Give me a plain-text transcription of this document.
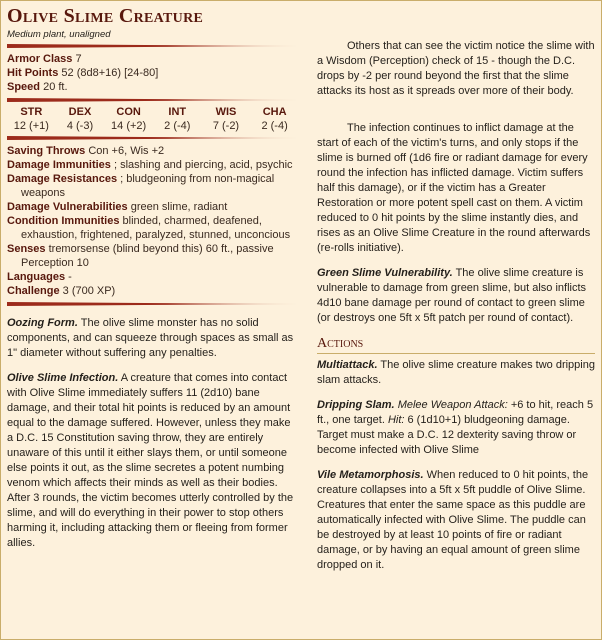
Olive Slime Creature
Medium plant, unaligned
Armor Class 7
Hit Points 52 (8d8+16) [24-80]
Speed 20 ft.
STR
12 (+1)
DEX
4 (-3)
CON
14 (+2)
INT
2 (-4)
WIS
7 (-2)
CHA
2 (-4)
Saving Throws Con +6, Wis +2
Damage Immunities ; slashing and piercing, acid, psychic
Damage Resistances ; bludgeoning from non-magical weapons
Damage Vulnerabilities green slime, radiant
Condition Immunities blinded, charmed, deafened, exhaustion, frightened, paralyzed, stunned, unconcious
Senses tremorsense (blind beyond this) 60 ft., passive Perception 10
Languages -
Challenge 3 (700 XP)

Oozing Form. The olive slime monster has no solid components, and can squeeze through spaces as small as 1" diameter without suffering any penalties.

Olive Slime Infection. A creature that comes into contact with Olive Slime immediately suffers 11 (2d10) bane damage, and their total hit points is reduced by an amount equal to the damage suffered. However, unless they make a D.C. 15 Constitution saving throw, they are entirely unaware of this until it either slays them, or until someone else points it out, as the slime secretes a potent numbing venom which affects their minds as well as their bodies. After 3 rounds, the victim becomes utterly controlled by the slime, and will do everything in their power to stop others harming it, including attacking them or fleeing from former allies.

Others that can see the victim notice the slime with a Wisdom (Perception) check of 15 - though the D.C. drops by -2 per round beyond the first that the slime attacks its host as it spreads over more of their body.

The infection continues to inflict damage at the start of each of the victim's turns, and only stops if the slime is burned off (1d6 fire or radiant damage for every round the infection has inflicted damage. Victim suffers half this damage), or if the victim has a Greater Restoration or more potent spell cast on them. A victim reduced to 0 hit points by the slime instantly dies, and rises as an Olive Slime Creature in the round afterwards (re-rolls initiative).

Green Slime Vulnerability. The olive slime creature is vulnerable to damage from green slime, but also inflicts 4d10 bane damage per round of contact to green slime (or destroys one 5ft x 5ft patch per round of contact).

Actions

Multiattack. The olive slime creature makes two dripping slam attacks.

Dripping Slam. Melee Weapon Attack: +6 to hit, reach 5 ft., one target. Hit: 6 (1d10+1) bludgeoning damage. Target must make a D.C. 12 dexterity saving throw or become infected with Olive Slime

Vile Metamorphosis. When reduced to 0 hit points, the creature collapses into a 5ft x 5ft puddle of Olive Slime. Creatures that enter the same space as this puddle are automatically infected with Olive Slime. The puddle can be destroyed by at least 10 points of fire or radiant damage, or by having an equal amount of green slime dropped on it.
